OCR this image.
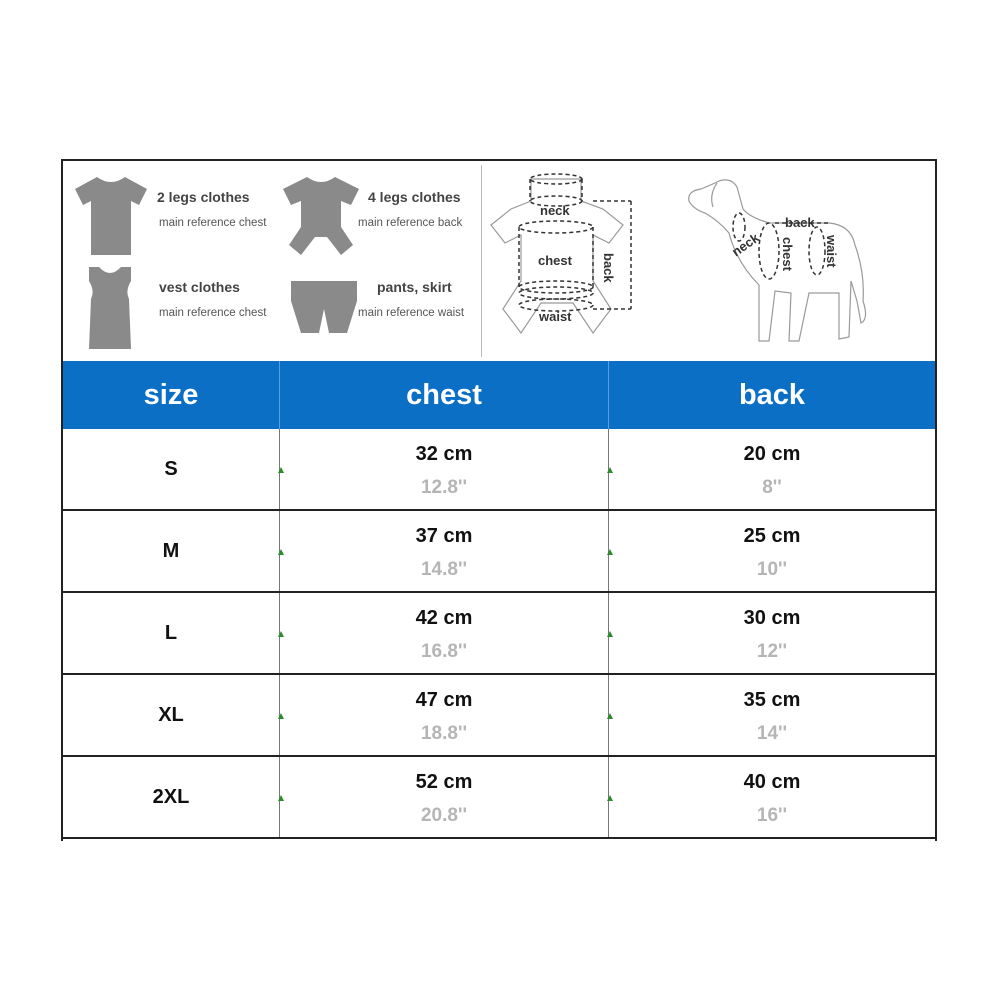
2 legs clothes
main reference chest
4 legs clothes
main reference back
vest clothes
main reference chest
pants, skirt
main reference waist
neck
chest
waist
back
back
neck chest waist
size	chest	back
S
32 cm
12.8''
20 cm
8''
M
37 cm
14.8''
25 cm
10''
L
42 cm
16.8''
30 cm
12''
XL
47 cm
18.8''
35 cm
14''
2XL
52 cm
20.8''
40 cm
16''
